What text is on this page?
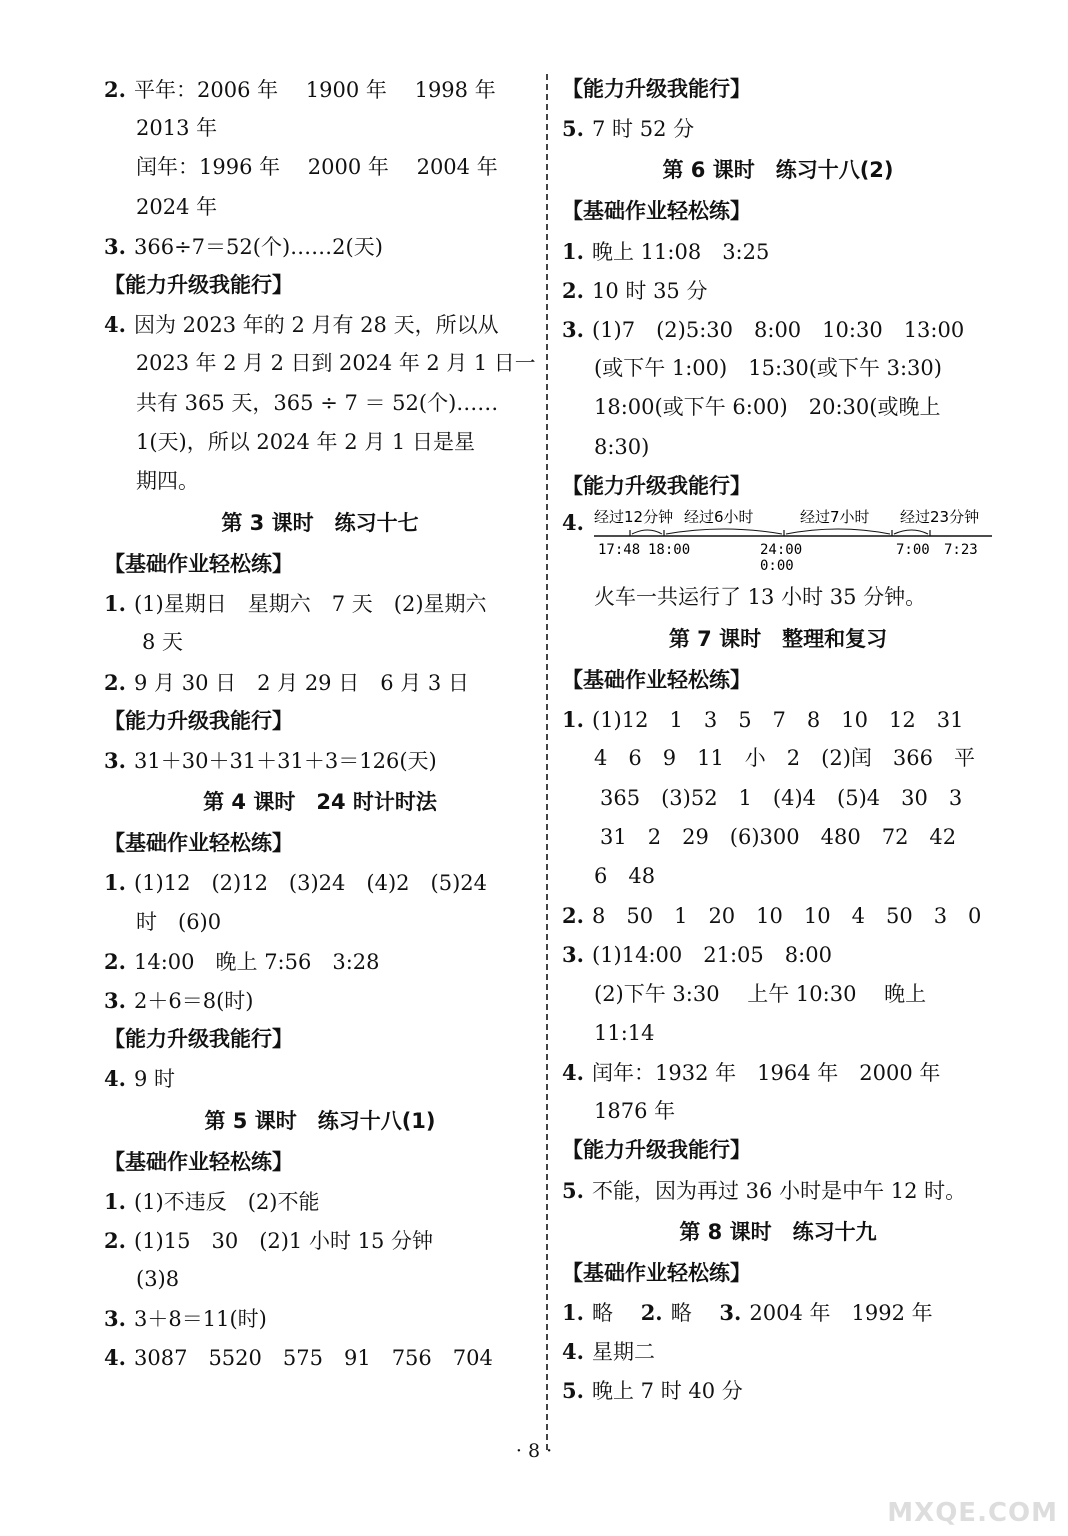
2. 平年：2006 年　 1900 年　 1998 年
2013 年
闰年：1996 年　 2000 年　 2004 年
2024 年
3. 366÷7＝52(个)……2(天)
【能力升级我能行】
4. 因为 2023 年的 2 月有 28 天，所以从
2023 年 2 月 2 日到 2024 年 2 月 1 日一
共有 365 天，365 ÷ 7 ＝ 52(个)……
1(天)，所以 2024 年 2 月 1 日是星
期四。
第 3 课时　练习十七
【基础作业轻松练】
1. (1)星期日　星期六　7 天　(2)星期六
8 天
2. 9 月 30 日　2 月 29 日　6 月 3 日
【能力升级我能行】
3. 31＋30＋31＋31＋3＝126(天)
第 4 课时　24 时计时法
【基础作业轻松练】
1. (1)12　(2)12　(3)24　(4)2　(5)24
时　(6)0
2. 14:00　晚上 7:56　3:28
3. 2＋6＝8(时)
【能力升级我能行】
4. 9 时
第 5 课时　练习十八(1)
【基础作业轻松练】
1. (1)不违反　(2)不能
2. (1)15　30　(2)1 小时 15 分钟
(3)8
3. 3＋8＝11(时)
4. 3087　5520　575　91　756　704
【能力升级我能行】
5. 7 时 52 分
第 6 课时　练习十八(2)
【基础作业轻松练】
1. 晚上 11:08　3:25
2. 10 时 35 分
3. (1)7　(2)5:30　8:00　10:30　13:00
(或下午 1:00)　15:30(或下午 3:30)
18:00(或下午 6:00)　20:30(或晚上
8:30)
【能力升级我能行】
4. 经过12分钟 经过6小时	经过7小时 经过23分钟
17:48 18:00	24:00
0:00
7:00 7:23
火车一共运行了 13 小时 35 分钟。
第 7 课时　整理和复习
【基础作业轻松练】
1. (1)12　1　3　5　7　8　10　12　31
4　6　9　11　小　2　(2)闰　366　平
365　(3)52　1　(4)4　(5)4　30　3
31　2　29　(6)300　480　72　42
6　48
2. 8　50　1　20　10　10　4　50　3　0
3. (1)14:00　21:05　8:00
(2)下午 3:30　 上午 10:30　 晚上
11:14
4. 闰年：1932 年　1964 年　2000 年
1876 年
【能力升级我能行】
5. 不能，因为再过 36 小时是中午 12 时。
第 8 课时　练习十九
【基础作业轻松练】
1. 略　 2. 略　 3. 2004 年　1992 年
4. 星期二
5. 晚上 7 时 40 分
· 8 ·
MXQE.COM
